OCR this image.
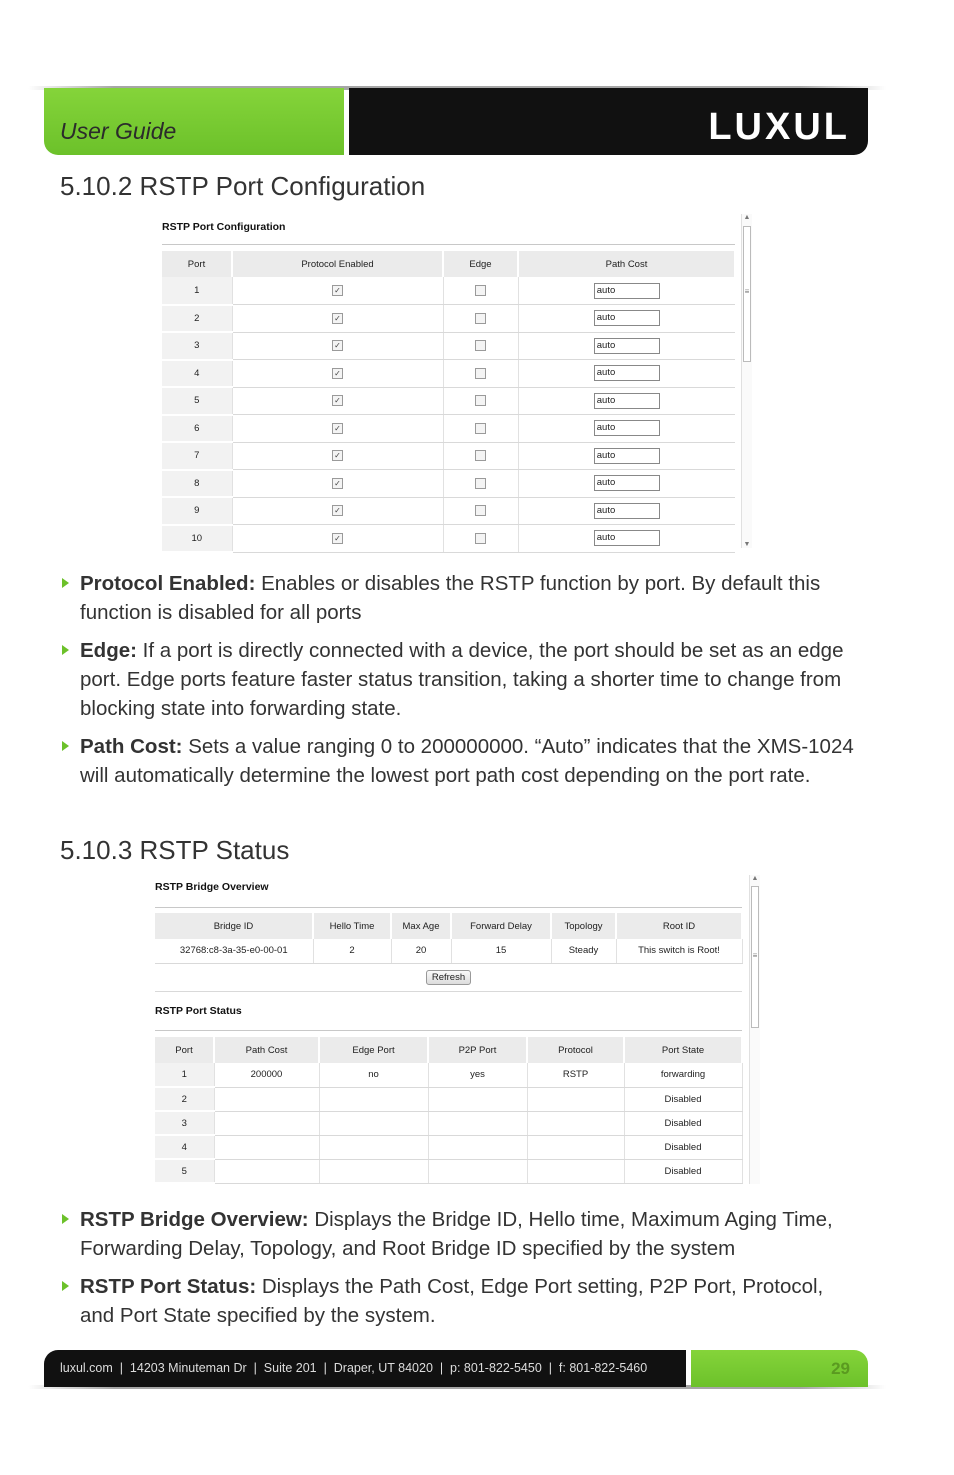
User Guide	LUXUL
5.10.2 RSTP Port Configuration
RSTP Port Configuration
Port	Protocol Enabled	Edge	Path Cost
1	✓		auto
2	✓		auto
3	✓		auto
4	✓		auto
5	✓		auto
6	✓		auto
7	✓		auto
8	✓		auto
9	✓		auto
10	✓		auto
▲
≡
▼
Protocol Enabled: Enables or disables the RSTP function by port. By default this function is disabled for all ports
Edge: If a port is directly connected with a device, the port should be set as an edge port. Edge ports feature faster status transition, taking a shorter time to change from blocking state into forwarding state.
Path Cost: Sets a value ranging 0 to 200000000. “Auto” indicates that the XMS-1024 will automatically determine the lowest port path cost depending on the port rate.
5.10.3 RSTP Status
RSTP Bridge Overview
Bridge ID	Hello Time	Max Age	Forward Delay	Topology	Root ID
32768:c8-3a-35-e0-00-01	2	20	15	Steady	This switch is Root!
Refresh					
RSTP Port Status
Port	Path Cost	Edge Port	P2P Port	Protocol	Port State
1	200000	no	yes	RSTP	forwarding
2					Disabled
3					Disabled
4					Disabled
5					Disabled
▲
≡
RSTP Bridge Overview: Displays the Bridge ID, Hello time, Maximum Aging Time, Forwarding Delay, Topology, and Root Bridge ID specified by the system
RSTP Port Status: Displays the Path Cost, Edge Port setting, P2P Port, Protocol, and Port State specified by the system.
luxul.com  |  14203 Minuteman Dr  |  Suite 201  |  Draper, UT 84020  |  p: 801-822-5450  |  f: 801-822-5460	29
